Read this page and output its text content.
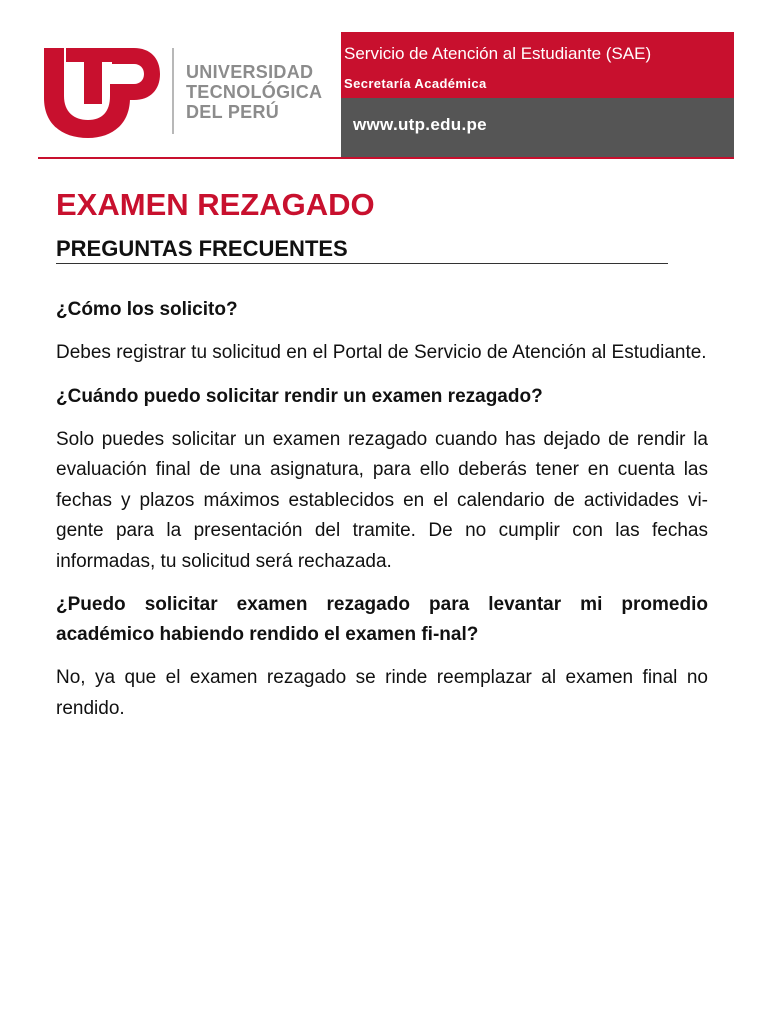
UNIVERSIDAD
TECNOLÓGICA
DEL PERÚ
Servicio de Atención al Estudiante (SAE)
Secretaría Académica
www.utp.edu.pe
EXAMEN REZAGADO
PREGUNTAS FRECUENTES

¿Cómo los solicito?

Debes registrar tu solicitud en el Portal de Servicio de Atención al Estudiante.

¿Cuándo puedo solicitar rendir un examen rezagado?

Solo puedes solicitar un examen rezagado cuando has dejado de rendir la evaluación final de una asignatura, para ello deberás tener en cuenta las fechas y plazos máximos establecidos en el calendario de actividades vi-gente para la presentación del tramite. De no cumplir con las fechas informadas, tu solicitud será rechazada.

¿Puedo solicitar examen rezagado para levantar mi promedio académico habiendo rendido el examen fi-nal?

No, ya que el examen rezagado se rinde reemplazar al examen final no rendido.
